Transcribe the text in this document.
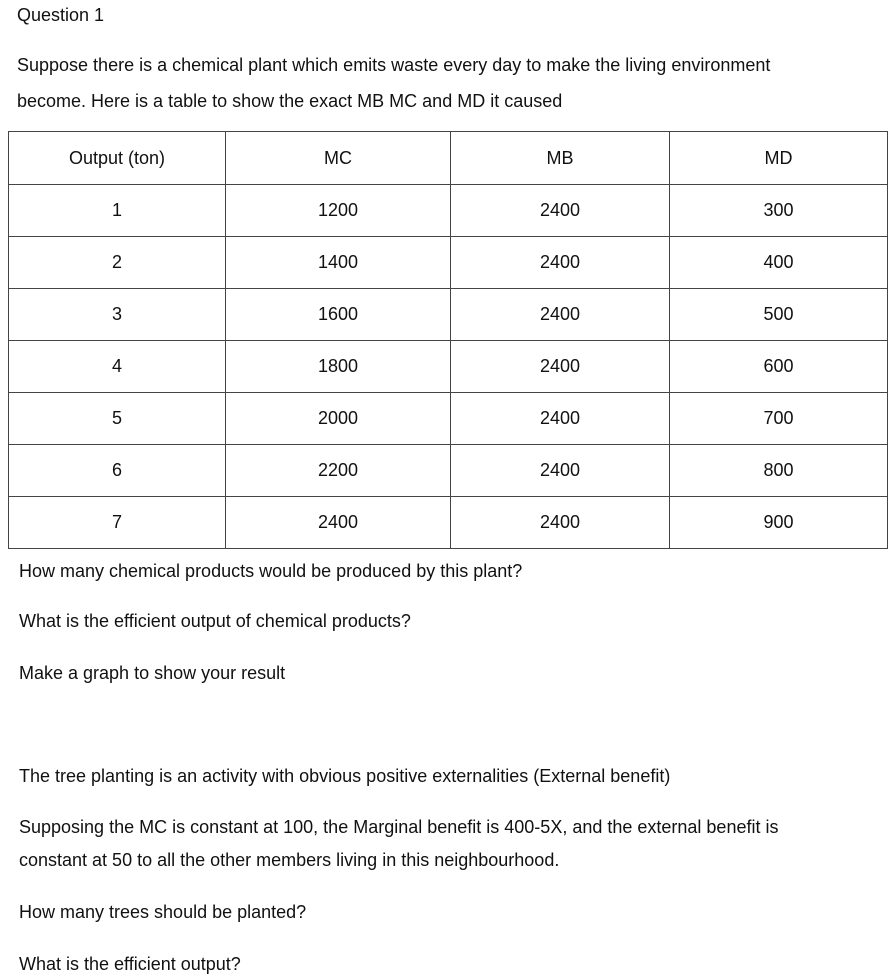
Question 1
Suppose there is a chemical plant which emits waste every day to make the living environment
become. Here is a table to show the exact MB MC and MD it caused
Output (ton)	MC	MB	MD
1	1200	2400	300
2	1400	2400	400
3	1600	2400	500
4	1800	2400	600
5	2000	2400	700
6	2200	2400	800
7	2400	2400	900
How many chemical products would be produced by this plant?
What is the efficient output of chemical products?
Make a graph to show your result
The tree planting is an activity with obvious positive externalities (External benefit)
Supposing the MC is constant at 100, the Marginal benefit is 400-5X, and the external benefit is
constant at 50 to all the other members living in this neighbourhood.
How many trees should be planted?
What is the efficient output?
